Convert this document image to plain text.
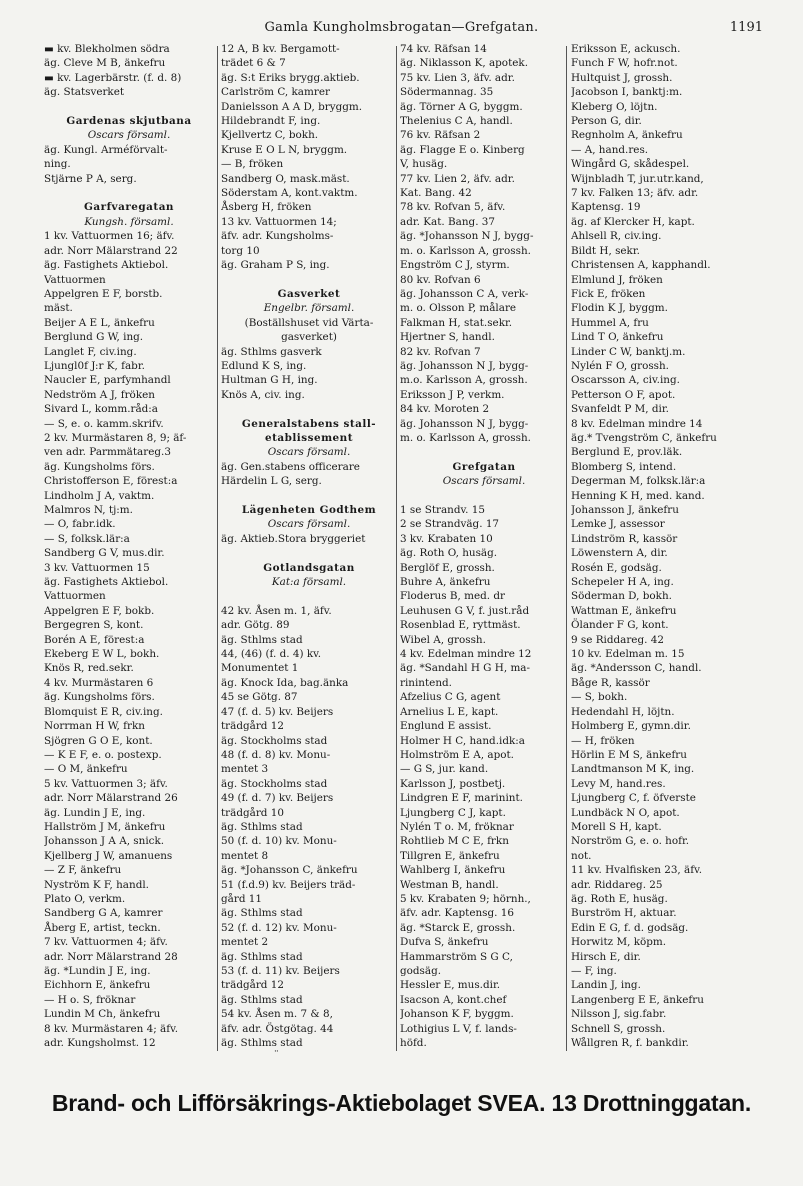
Gamla Kungholmsbrogatan—Grefgatan.	1191
▬ kv. Blekholmen södra
äg. Cleve M B, änkefru
▬ kv. Lagerbärstr. (f. d. 8)
äg. Statsverket

Gardenas skjutbana
Oscars församl.
äg. Kungl. Arméförvalt-
ning.
Stjärne P A, serg.

Garfvaregatan
Kungsh. församl.
1 kv. Vattuormen 16; äfv.
adr. Norr Mälarstrand 22
äg. Fastighets Aktiebol.
Vattuormen
Appelgren E F, borstb.
mäst.
Beijer A E L, änkefru
Berglund G W, ing.
Langlet F, civ.ing.
Ljungl0f J:r K, fabr.
Naucler E, parfymhandl
Nedström A J, fröken
Sivard L, komm.råd:a
— S, e. o. kamm.skrifv.
2 kv. Murmästaren 8, 9; äf-
ven adr. Parmmätareg.3
äg. Kungsholms förs.
Christofferson E, förest:a
Lindholm J A, vaktm.
Malmros N, tj:m.
— O, fabr.idk.
— S, folksk.lär:a
Sandberg G V, mus.dir.
3 kv. Vattuormen 15
äg. Fastighets Aktiebol.
Vattuormen
Appelgren E F, bokb.
Bergegren S, kont.
Borén A E, förest:a
Ekeberg E W L, bokh.
Knös R, red.sekr.
4 kv. Murmästaren 6
äg. Kungsholms förs.
Blomquist E R, civ.ing.
Norrman H W, frkn
Sjögren G O E, kont.
— K E F, e. o. postexp.
— O M, änkefru
5 kv. Vattuormen 3; äfv.
adr. Norr Mälarstrand 26
äg. Lundin J E, ing.
Hallström J M, änkefru
Johansson J A A, snick.
Kjellberg J W, amanuens
— Z F, änkefru
Nyström K F, handl.
Plato O, verkm.
Sandberg G A, kamrer
Åberg E, artist, teckn.
7 kv. Vattuormen 4; äfv.
adr. Norr Mälarstrand 28
äg. *Lundin J E, ing.
Eichhorn E, änkefru
— H o. S, fröknar
Lundin M Ch, änkefru
8 kv. Murmästaren 4; äfv.
adr. Kungsholmst. 12
12 A, B kv. Bergamott-
trädet 6 & 7
äg. S:t Eriks brygg.aktieb.
Carlström C, kamrer
Danielsson A A D, bryggm.
Hildebrandt F, ing.
Kjellvertz C, bokh.
Kruse E O L N, bryggm.
— B, fröken
Sandberg O, mask.mäst.
Söderstam A, kont.vaktm.
Åsberg H, fröken
13 kv. Vattuormen 14;
äfv. adr. Kungsholms-
torg 10
äg. Graham P S, ing.

Gasverket
Engelbr. församl.
(Boställshuset vid Värta-
gasverket)
äg. Sthlms gasverk
Edlund K S, ing.
Hultman G H, ing.
Knös A, civ. ing.

Generalstabens stall-
etablissement
Oscars församl.
äg. Gen.stabens officerare
Härdelin L G, serg.

Lägenheten Godthem
Oscars församl.
äg. Aktieb.Stora bryggeriet

Gotlandsgatan
Kat:a församl.

42 kv. Åsen m. 1, äfv.
adr. Götg. 89
äg. Sthlms stad
44, (46) (f. d. 4) kv.
Monumentet 1
äg. Knock Ida, bag.änka
45 se Götg. 87
47 (f. d. 5) kv. Beijers
trädgård 12
äg. Stockholms stad
48 (f. d. 8) kv. Monu-
mentet 3
äg. Stockholms stad
49 (f. d. 7) kv. Beijers
trädgård 10
äg. Sthlms stad
50 (f. d. 10) kv. Monu-
mentet 8
äg. *Johansson C, änkefru
51 (f.d.9) kv. Beijers träd-
gård 11
äg. Sthlms stad
52 (f. d. 12) kv. Monu-
mentet 2
äg. Sthlms stad
53 (f. d. 11) kv. Beijers
trädgård 12
äg. Sthlms stad
54 kv. Åsen m. 7 & 8,
äfv. adr. Östgötag. 44
äg. Sthlms stad
74 kv. Räfsan 14
äg. Niklasson K, apotek.
75 kv. Lien 3, äfv. adr.
Södermannag. 35
äg. Törner A G, byggm.
Thelenius C A, handl.
76 kv. Räfsan 2
äg. Flagge E o. Kinberg
V, husäg.
77 kv. Lien 2, äfv. adr.
Kat. Bang. 42
78 kv. Rofvan 5, äfv.
adr. Kat. Bang. 37
äg. *Johansson N J, bygg-
m. o. Karlsson A, grossh.
Engström C J, styrm.
80 kv. Rofvan 6
äg. Johansson C A, verk-
m. o. Olsson P, målare
Falkman H, stat.sekr.
Hjertner S, handl.
82 kv. Rofvan 7
äg. Johansson N J, bygg-
m.o. Karlsson A, grossh.
Eriksson J P, verkm.
84 kv. Moroten 2
äg. Johansson N J, bygg-
m. o. Karlsson A, grossh.

Grefgatan
Oscars församl.

1 se Strandv. 15
2 se Strandväg. 17
3 kv. Krabaten 10
äg. Roth O, husäg.
Berglöf E, grossh.
Buhre A, änkefru
Floderus B, med. dr
Leuhusen G V, f. just.råd
Rosenblad E, ryttmäst.
Wibel A, grossh.
4 kv. Edelman mindre 12
äg. *Sandahl H G H, ma-
rinintend.
Afzelius C G, agent
Arnelius L E, kapt.
Englund E assist.
Holmer H C, hand.idk:a
Holmström E A, apot.
— G S, jur. kand.
Karlsson J, postbetj.
Lindgren E F, marinint.
Ljungberg C J, kapt.
Nylén T o. M, fröknar
Rohtlieb M C E, frkn
Tillgren E, änkefru
Wahlberg I, änkefru
Westman B, handl.
5 kv. Krabaten 9; hörnh.,
äfv. adr. Kaptensg. 16
äg. *Starck E, grossh.
Dufva S, änkefru
Hammarström S G C,
godsäg.
Hessler E, mus.dir.
Isacson A, kont.chef
Johanson K F, byggm.
Lothigius L V, f. lands-
höfd.
Eriksson E, ackusch.
Funch F W, hofr.not.
Hultquist J, grossh.
Jacobson I, banktj:m.
Kleberg O, löjtn.
Person G, dir.
Regnholm A, änkefru
— A, hand.res.
Wingård G, skådespel.
Wijnbladh T, jur.utr.kand,
7 kv. Falken 13; äfv. adr.
Kaptensg. 19
äg. af Klercker H, kapt.
Ahlsell R, civ.ing.
Bildt H, sekr.
Christensen A, kapphandl.
Elmlund J, fröken
Fick E, fröken
Flodin K J, byggm.
Hummel A, fru
Lind T O, änkefru
Linder C W, banktj.m.
Nylén F O, grossh.
Oscarsson A, civ.ing.
Petterson O F, apot.
Svanfeldt P M, dir.
8 kv. Edelman mindre 14
äg.* Tvengström C, änkefru
Berglund E, prov.läk.
Blomberg S, intend.
Degerman M, folksk.lär:a
Henning K H, med. kand.
Johansson J, änkefru
Lemke J, assessor
Lindström R, kassör
Löwenstern A, dir.
Rosén E, godsäg.
Schepeler H A, ing.
Söderman D, bokh.
Wattman E, änkefru
Ölander F G, kont.
9 se Riddareg. 42
10 kv. Edelman m. 15
äg. *Andersson C, handl.
Båge R, kassör
— S, bokh.
Hedendahl H, löjtn.
Holmberg E, gymn.dir.
— H, fröken
Hörlin E M S, änkefru
Landtmanson M K, ing.
Levy M, hand.res.
Ljungberg C, f. öfverste
Lundbäck N O, apot.
Morell S H, kapt.
Norström G, e. o. hofr.
not.
11 kv. Hvalfisken 23, äfv.
adr. Riddareg. 25
äg. Roth E, husäg.
Burström H, aktuar.
Edin E G, f. d. godsäg.
Horwitz M, köpm.
Hirsch E, dir.
— F, ing.
Landin J, ing.
Langenberg E E, änkefru
Nilsson J, sig.fabr.
Schnell S, grossh.
Wållgren R, f. bankdir.
Brand- och Lifförsäkrings-Aktiebolaget SVEA. 13 Drottninggatan.
